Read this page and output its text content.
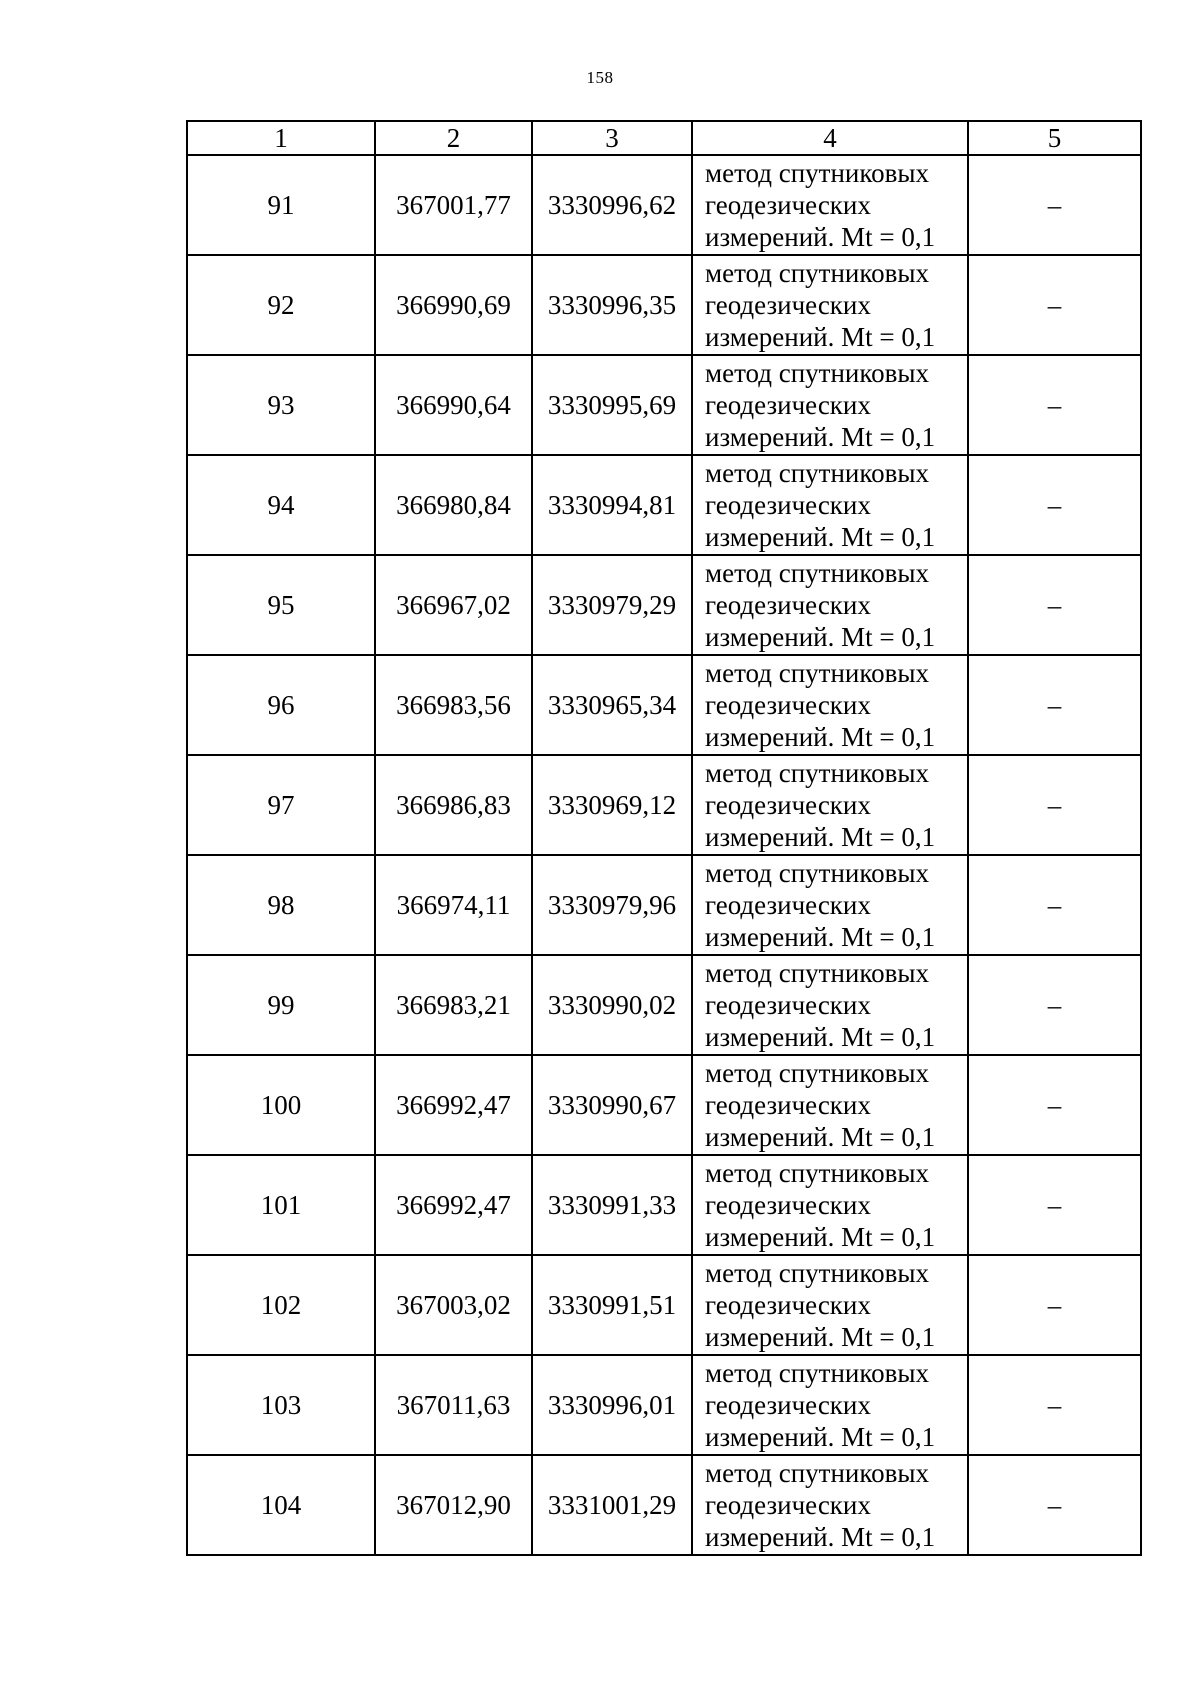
158
1	2	3	4	5
91	367001,77	3330996,62	метод спутниковых
геодезических
измерений. Mt = 0,1	–
92	366990,69	3330996,35	метод спутниковых
геодезических
измерений. Mt = 0,1	–
93	366990,64	3330995,69	метод спутниковых
геодезических
измерений. Mt = 0,1	–
94	366980,84	3330994,81	метод спутниковых
геодезических
измерений. Mt = 0,1	–
95	366967,02	3330979,29	метод спутниковых
геодезических
измерений. Mt = 0,1	–
96	366983,56	3330965,34	метод спутниковых
геодезических
измерений. Mt = 0,1	–
97	366986,83	3330969,12	метод спутниковых
геодезических
измерений. Mt = 0,1	–
98	366974,11	3330979,96	метод спутниковых
геодезических
измерений. Mt = 0,1	–
99	366983,21	3330990,02	метод спутниковых
геодезических
измерений. Mt = 0,1	–
100	366992,47	3330990,67	метод спутниковых
геодезических
измерений. Mt = 0,1	–
101	366992,47	3330991,33	метод спутниковых
геодезических
измерений. Mt = 0,1	–
102	367003,02	3330991,51	метод спутниковых
геодезических
измерений. Mt = 0,1	–
103	367011,63	3330996,01	метод спутниковых
геодезических
измерений. Mt = 0,1	–
104	367012,90	3331001,29	метод спутниковых
геодезических
измерений. Mt = 0,1	–
